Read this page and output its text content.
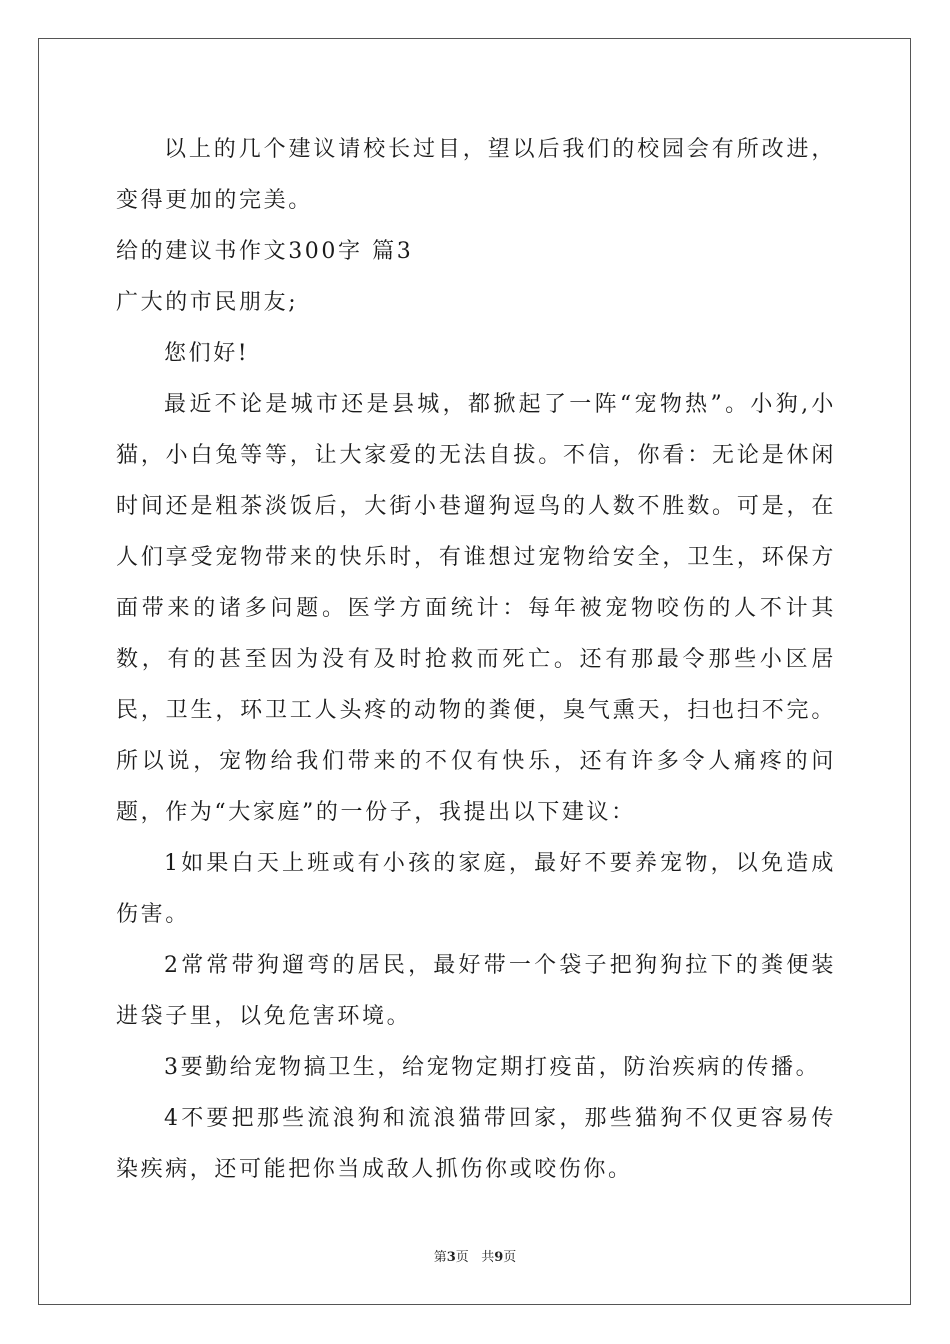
以上的几个建议请校长过目，望以后我们的校园会有所改进，变得更加的完美。

给的建议书作文300字 篇3
广大的市民朋友;

您们好!

最近不论是城市还是县城，都掀起了一阵“宠物热”。小狗,小猫，小白兔等等，让大家爱的无法自拔。不信，你看：无论是休闲时间还是粗茶淡饭后，大街小巷遛狗逗鸟的人数不胜数。可是，在人们享受宠物带来的快乐时，有谁想过宠物给安全，卫生，环保方面带来的诸多问题。医学方面统计：每年被宠物咬伤的人不计其数，有的甚至因为没有及时抢救而死亡。还有那最令那些小区居民，卫生，环卫工人头疼的动物的粪便，臭气熏天，扫也扫不完。所以说，宠物给我们带来的不仅有快乐，还有许多令人痛疼的问题，作为“大家庭”的一份子，我提出以下建议：

1如果白天上班或有小孩的家庭，最好不要养宠物，以免造成伤害。

2常常带狗遛弯的居民，最好带一个袋子把狗狗拉下的粪便装进袋子里，以免危害环境。

3要勤给宠物搞卫生，给宠物定期打疫苗，防治疾病的传播。

4不要把那些流浪狗和流浪猫带回家，那些猫狗不仅更容易传染疾病，还可能把你当成敌人抓伤你或咬伤你。

第3页 共9页
